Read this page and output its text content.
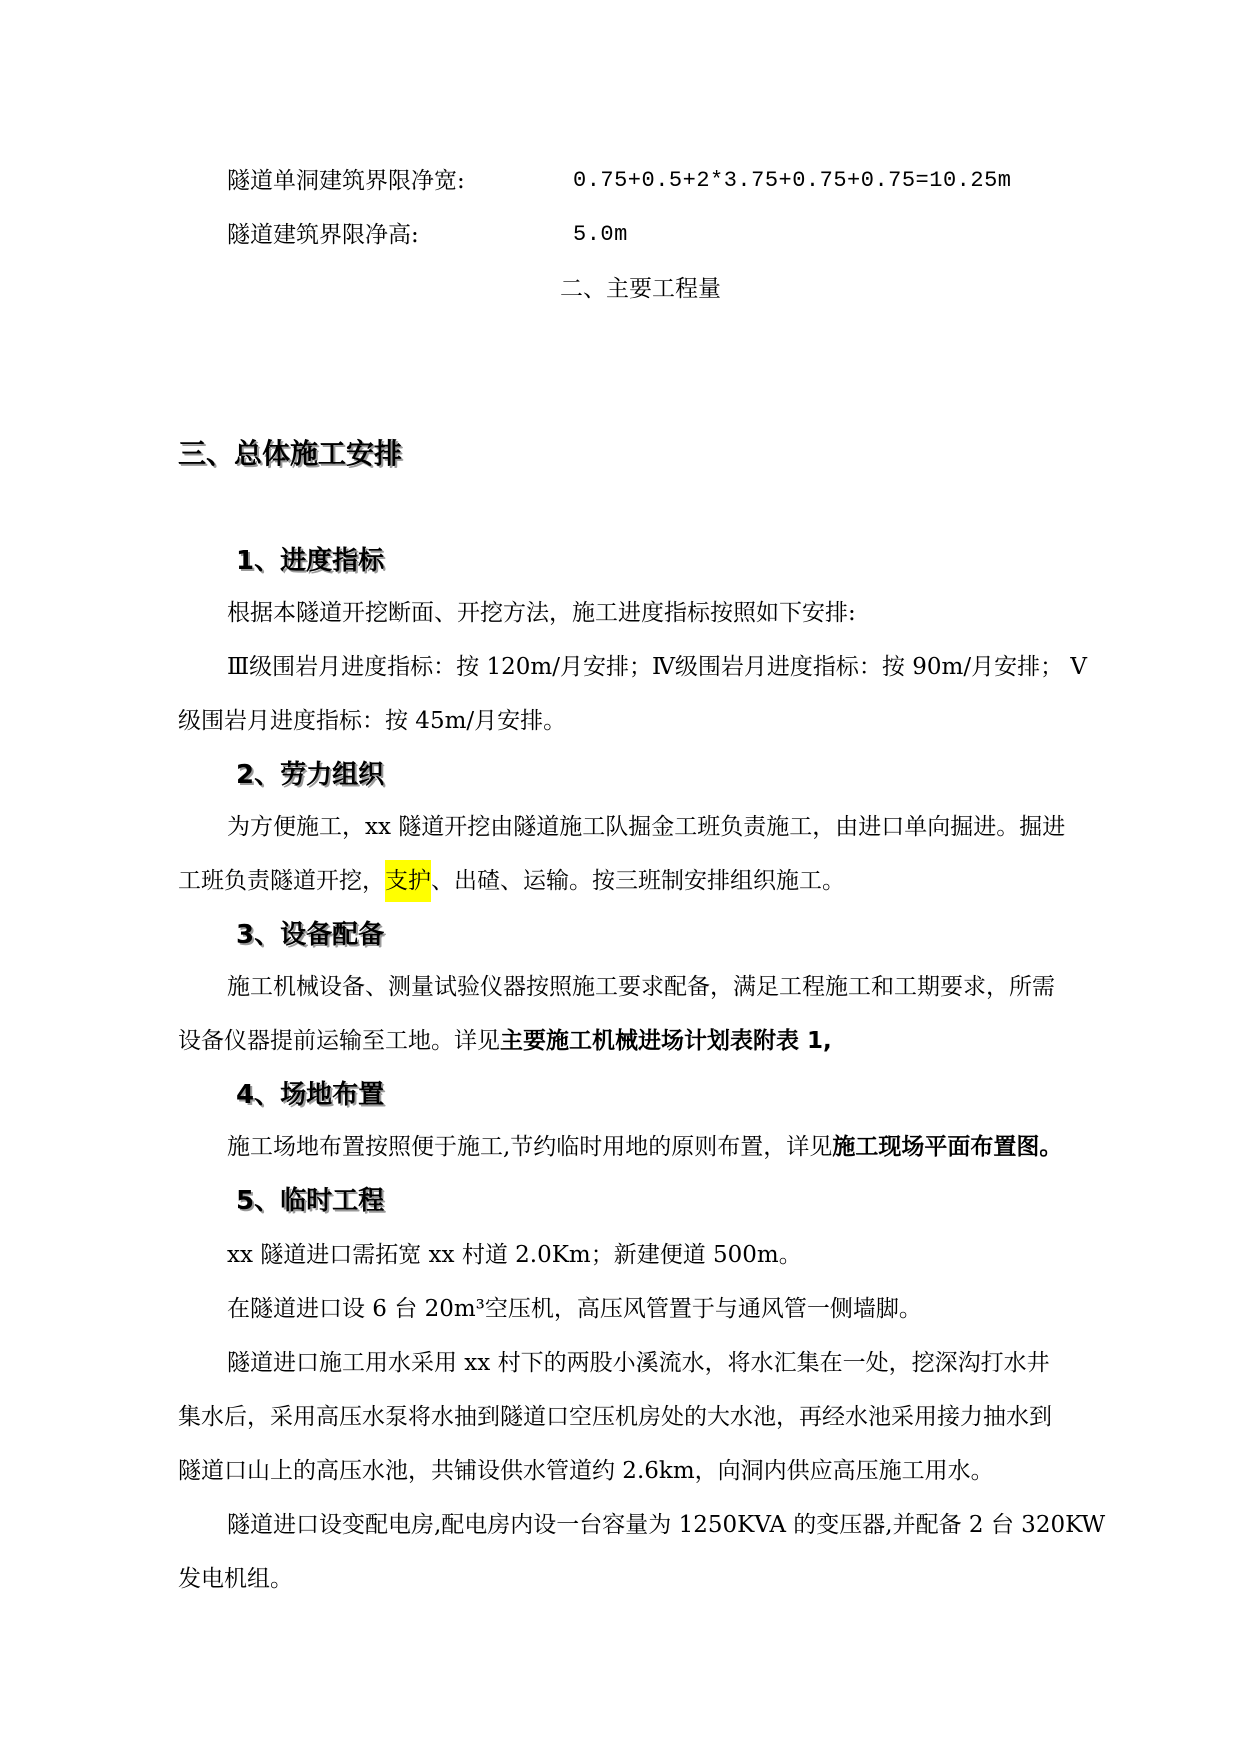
隧道单洞建筑界限净宽:	0.75+0.5+2*3.75+0.75+0.75=10.25m
隧道建筑界限净高:	5.0m
二、主要工程量
三、总体施工安排
1、进度指标
根据本隧道开挖断面、开挖方法，施工进度指标按照如下安排:
Ⅲ级围岩月进度指标：按 120m/月安排；Ⅳ级围岩月进度指标：按 90m/月安排； V
级围岩月进度指标：按 45m/月安排。
2、劳力组织
为方便施工，xx 隧道开挖由隧道施工队掘金工班负责施工，由进口单向掘进。掘进
工班负责隧道开挖，支护、出碴、运输。按三班制安排组织施工。
3、设备配备
施工机械设备、测量试验仪器按照施工要求配备，满足工程施工和工期要求，所需
设备仪器提前运输至工地。详见主要施工机械进场计划表附表 1,
4、场地布置
施工场地布置按照便于施工,节约临时用地的原则布置，详见施工现场平面布置图。
5、临时工程
xx 隧道进口需拓宽 xx 村道 2.0Km；新建便道 500m。
在隧道进口设 6 台 20m³空压机，高压风管置于与通风管一侧墙脚。
隧道进口施工用水采用 xx 村下的两股小溪流水，将水汇集在一处，挖深沟打水井
集水后，采用高压水泵将水抽到隧道口空压机房处的大水池，再经水池采用接力抽水到
隧道口山上的高压水池，共铺设供水管道约 2.6km，向洞内供应高压施工用水。
隧道进口设变配电房,配电房内设一台容量为 1250KVA 的变压器,并配备 2 台 320KW
发电机组。
